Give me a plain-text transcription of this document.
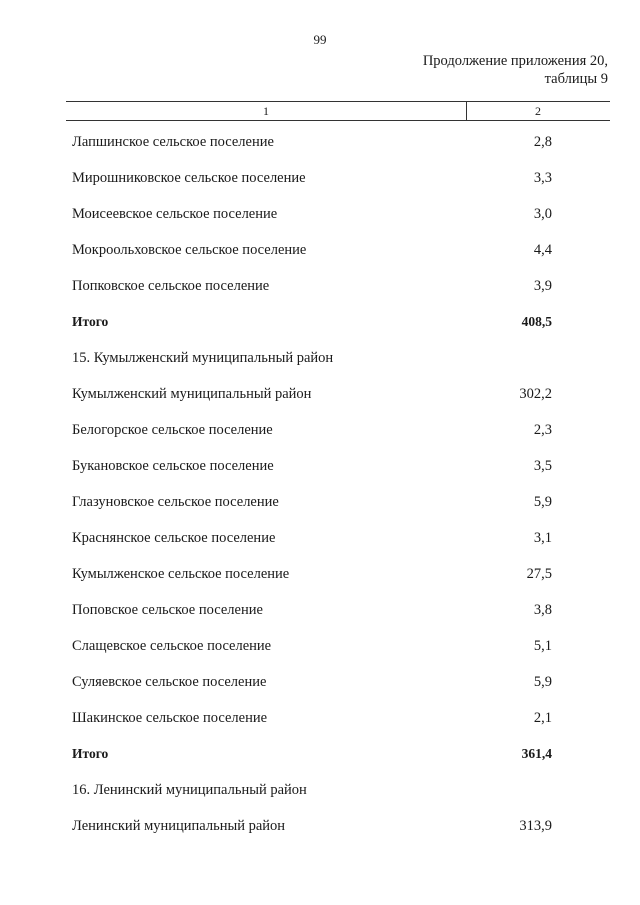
99
Продолжение приложения 20,
таблицы 9
1	2
Лапшинское сельское поселение	2,8
Мирошниковское сельское поселение	3,3
Моисеевское сельское поселение	3,0
Мокроольховское сельское поселение	4,4
Попковское сельское поселение	3,9
Итого	408,5
15. Кумылженский муниципальный район
Кумылженский муниципальный район	302,2
Белогорское сельское поселение	2,3
Букановское сельское поселение	3,5
Глазуновское сельское поселение	5,9
Краснянское сельское поселение	3,1
Кумылженское сельское поселение	27,5
Поповское сельское поселение	3,8
Слащевское сельское поселение	5,1
Суляевское сельское поселение	5,9
Шакинское сельское поселение	2,1
Итого	361,4
16. Ленинский муниципальный район
Ленинский муниципальный район	313,9
